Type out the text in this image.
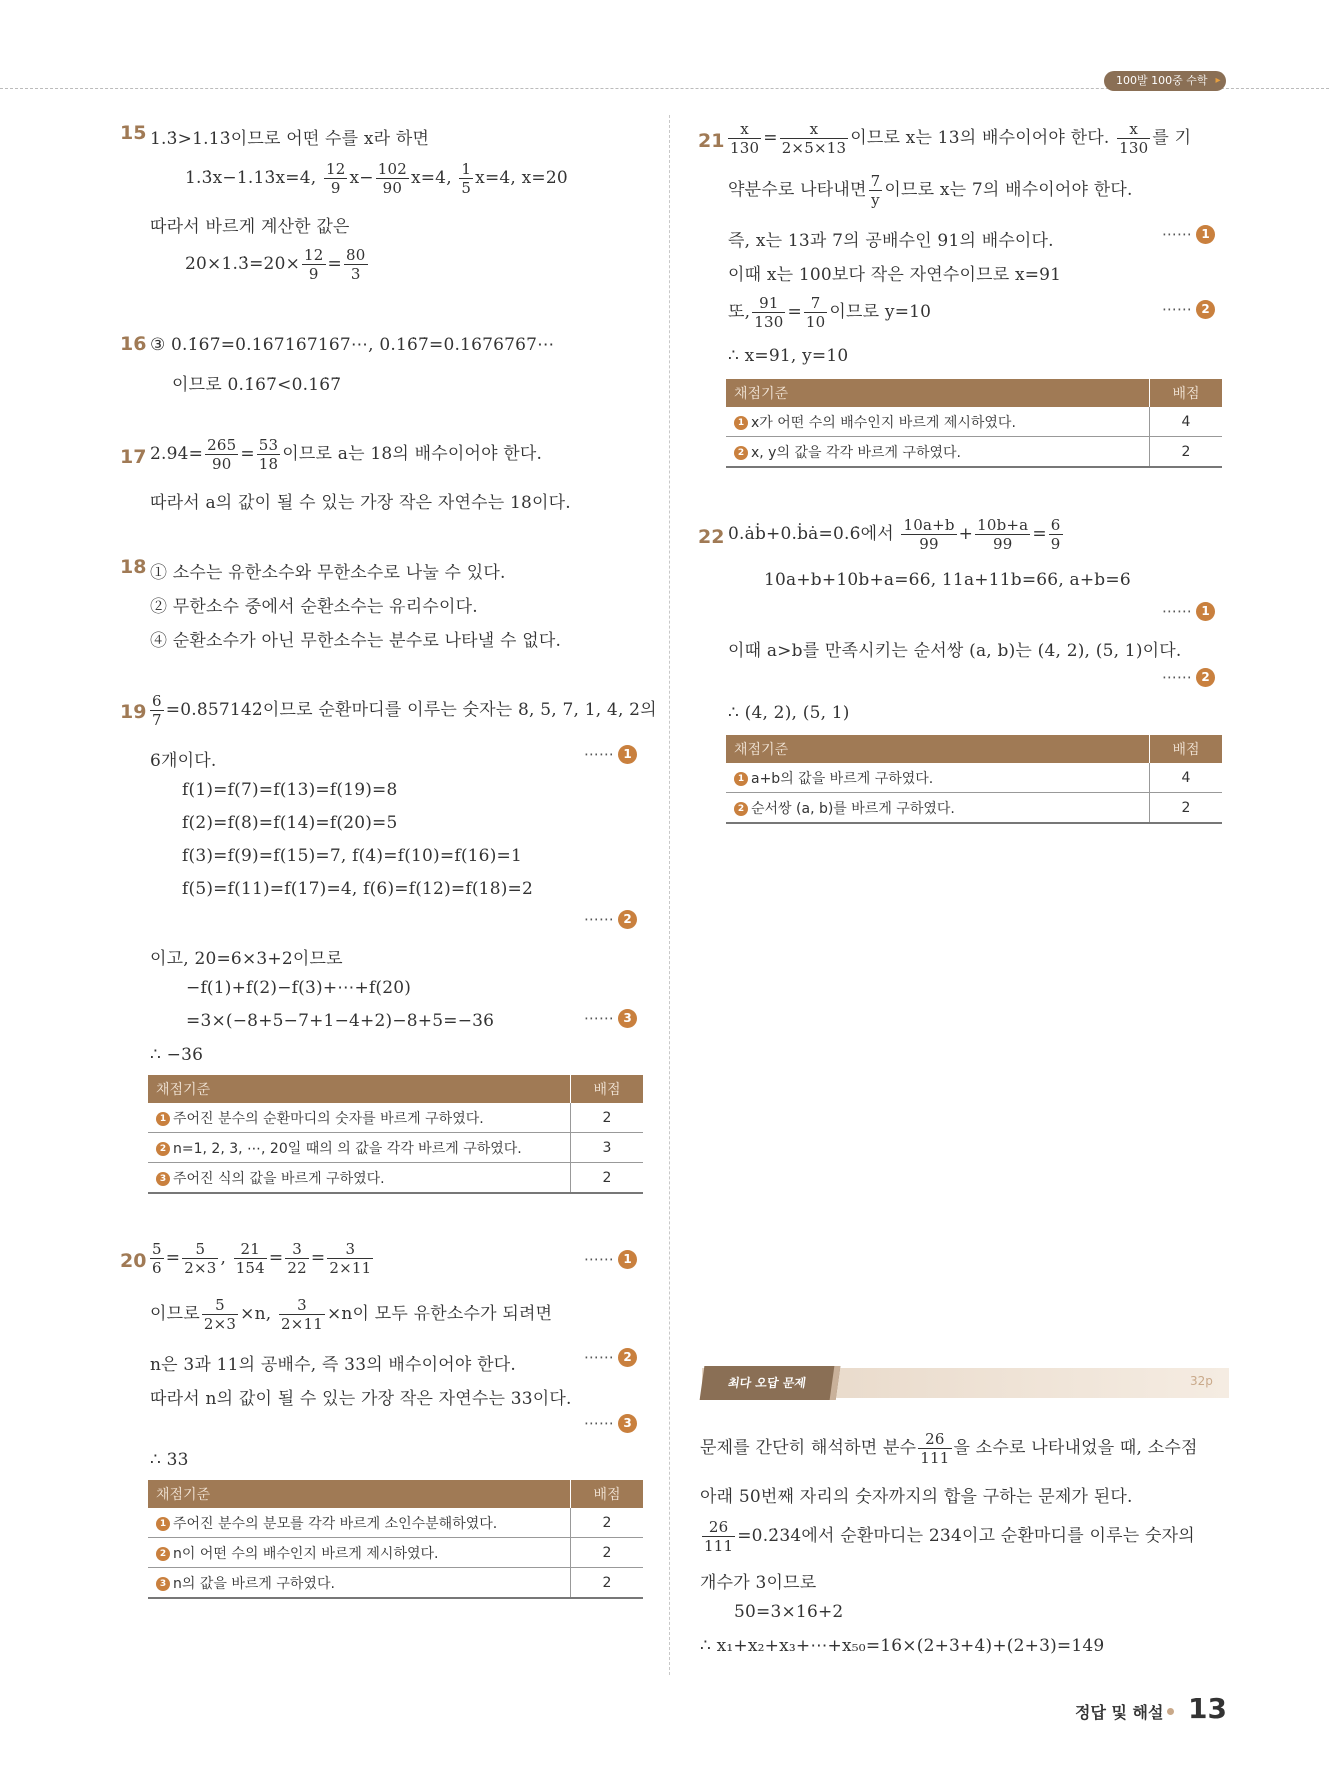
100발 100중 수학 ▸
15 1.3̇>1.13̇이므로 어떤 수를 x라 하면
1.3̇x−1.13̇x=4, $\frac{12}{9} x- \frac{102}{90} x=4$, $\frac{1}{5} x=4$, x=20
따라서 바르게 계산한 값은
20×1.3̇=20× $\frac{12}{9} = \frac{80}{3}$
16 ③ 0.1̇67̇=0.167167167⋯, 0.16̇7̇=0.1676767⋯
이므로 0.1̇67̇<0.16̇7̇
17 2.94̇= $\frac{265}{90} = \frac{53}{18}$ 이므로 a는 18의 배수이어야 한다.
따라서 a의 값이 될 수 있는 가장 작은 자연수는 18이다.
18 ① 소수는 유한소수와 무한소수로 나눌 수 있다.
② 무한소수 중에서 순환소수는 유리수이다.
④ 순환소수가 아닌 무한소수는 분수로 나타낼 수 없다.
$19 \frac{6}{7}$ =0.8̇57142̇이므로 순환마디를 이루는 숫자는 8, 5, 7, 1, 4, 2의
6개이다.	⋯⋯ 1
f(1)=f(7)=f(13)=f(19)=8
f(2)=f(8)=f(14)=f(20)=5
f(3)=f(9)=f(15)=7, f(4)=f(10)=f(16)=1
f(5)=f(11)=f(17)=4, f(6)=f(12)=f(18)=2
⋯⋯ 2
이고, 20=6×3+2이므로
−f(1)+f(2)−f(3)+⋯+f(20)
=3×(−8+5−7+1−4+2)−8+5=−36	⋯⋯ 3
∴ −36
채점기준	배점
1 주어진 분수의 순환마디의 숫자를 바르게 구하였다.	2
2 n=1, 2, 3, ⋯, 20일 때의 의 값을 각각 바르게 구하였다.	3
3 주어진 식의 값을 바르게 구하였다.	2
$20 \frac{5}{6} = \frac{5}{2\times 3}$ , $\frac{21}{154} = \frac{3}{22} = \frac{3}{2\times 11}$	⋯⋯ 1
이므로 $\frac{5}{2\times 3} \times n$, $\frac{3}{2\times 11} \times n$이 모두 유한소수가 되려면
n은 3과 11의 공배수, 즉 33의 배수이어야 한다.	⋯⋯ 2
따라서 n의 값이 될 수 있는 가장 작은 자연수는 33이다.
⋯⋯ 3
∴ 33
채점기준	배점
1 주어진 분수의 분모를 각각 바르게 소인수분해하였다.	2
2 n이 어떤 수의 배수인지 바르게 제시하였다.	2
3 n의 값을 바르게 구하였다.	2
$21 \frac{x}{130} = \frac{x}{2\times 5\times 13}$ 이므로 x는 13의 배수이어야 한다. $\frac{x}{130}$ 를 기
약분수로 나타내면 $\frac{7}{y}$ 이므로 x는 7의 배수이어야 한다.
즉, x는 13과 7의 공배수인 91의 배수이다.	⋯⋯ 1
이때 x는 100보다 작은 자연수이므로 x=91
또, $\frac{91}{130} = \frac{7}{10}$ 이므로 y=10	⋯⋯ 2
∴ x=91, y=10
채점기준	배점
1 x가 어떤 수의 배수인지 바르게 제시하였다.	4
2 x, y의 값을 각각 바르게 구하였다.	2
22 0.ȧḃ+0.ḃȧ=0.6̇에서 $\frac{10a+b}{99} + \frac{10b+a}{99} = \frac{6}{9}$
10a+b+10b+a=66, 11a+11b=66, a+b=6
⋯⋯ 1
이때 a>b를 만족시키는 순서쌍 (a, b)는 (4, 2), (5, 1)이다.
⋯⋯ 2
∴ (4, 2), (5, 1)
채점기준	배점
1 a+b의 값을 바르게 구하였다.	4
2 순서쌍 (a, b)를 바르게 구하였다.	2
최다 오답 문제	32p
문제를 간단히 해석하면 분수 $\frac{26}{111}$ 을 소수로 나타내었을 때, 소수점
아래 50번째 자리의 숫자까지의 합을 구하는 문제가 된다.
$\frac{26}{111}$ =0.2̇34̇에서 순환마디는 234이고 순환마디를 이루는 숫자의
개수가 3이므로
50=3×16+2
∴ x₁+x₂+x₃+⋯+x₅₀=16×(2+3+4)+(2+3)=149
정답 및 해설 13
